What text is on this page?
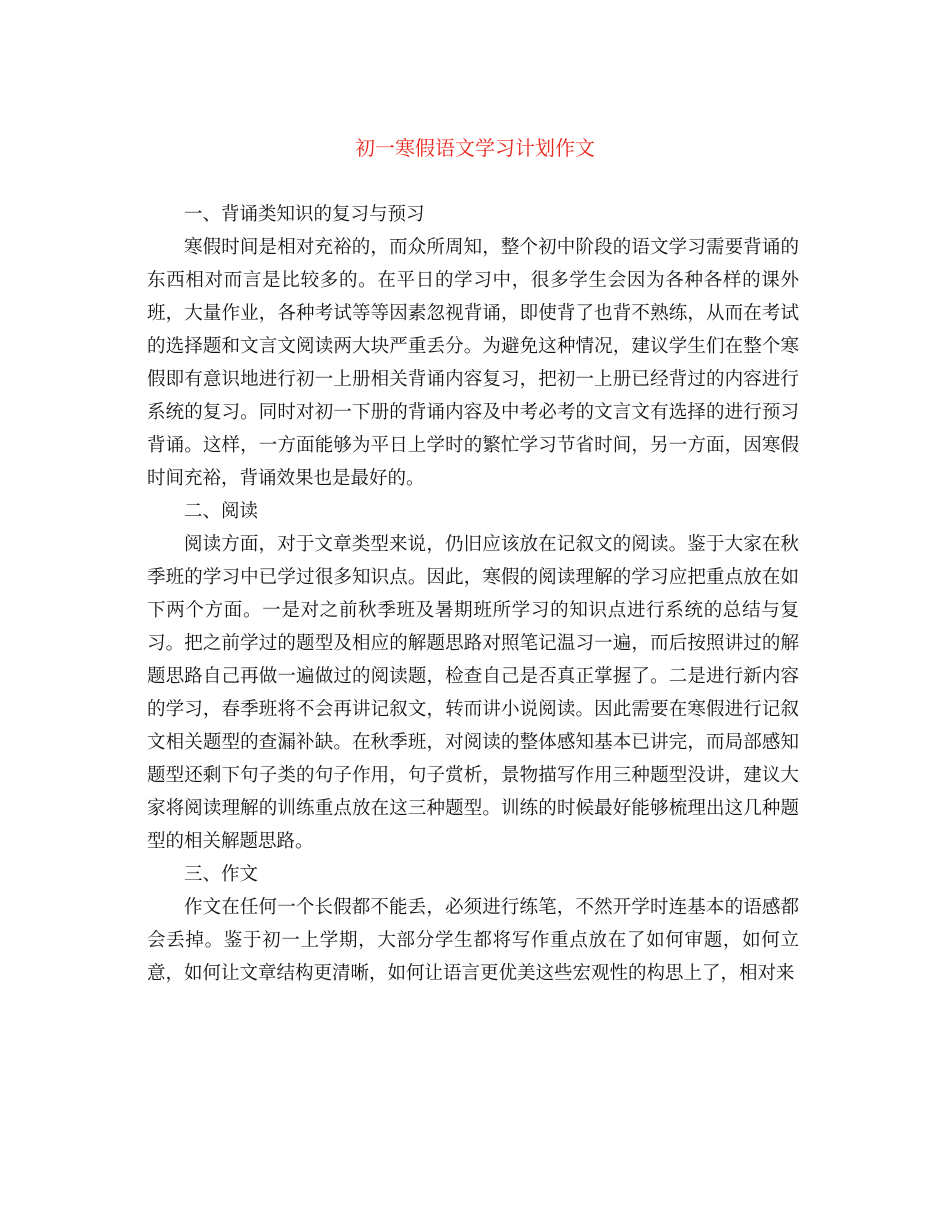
初一寒假语文学习计划作文

一、背诵类知识的复习与预习

寒假时间是相对充裕的，而众所周知，整个初中阶段的语文学习需要背诵的东西相对而言是比较多的。在平日的学习中，很多学生会因为各种各样的课外班，大量作业，各种考试等等因素忽视背诵，即使背了也背不熟练，从而在考试的选择题和文言文阅读两大块严重丢分。为避免这种情况，建议学生们在整个寒假即有意识地进行初一上册相关背诵内容复习，把初一上册已经背过的内容进行系统的复习。同时对初一下册的背诵内容及中考必考的文言文有选择的进行预习背诵。这样，一方面能够为平日上学时的繁忙学习节省时间，另一方面，因寒假时间充裕，背诵效果也是最好的。

二、阅读

阅读方面，对于文章类型来说，仍旧应该放在记叙文的阅读。鉴于大家在秋季班的学习中已学过很多知识点。因此，寒假的阅读理解的学习应把重点放在如下两个方面。一是对之前秋季班及暑期班所学习的知识点进行系统的总结与复习。把之前学过的题型及相应的解题思路对照笔记温习一遍，而后按照讲过的解题思路自己再做一遍做过的阅读题，检查自己是否真正掌握了。二是进行新内容的学习，春季班将不会再讲记叙文，转而讲小说阅读。因此需要在寒假进行记叙文相关题型的查漏补缺。在秋季班，对阅读的整体感知基本已讲完，而局部感知题型还剩下句子类的句子作用，句子赏析，景物描写作用三种题型没讲，建议大家将阅读理解的训练重点放在这三种题型。训练的时候最好能够梳理出这几种题型的相关解题思路。

三、作文

作文在任何一个长假都不能丢，必须进行练笔，不然开学时连基本的语感都会丢掉。鉴于初一上学期，大部分学生都将写作重点放在了如何审题，如何立意，如何让文章结构更清晰，如何让语言更优美这些宏观性的构思上了，相对来
